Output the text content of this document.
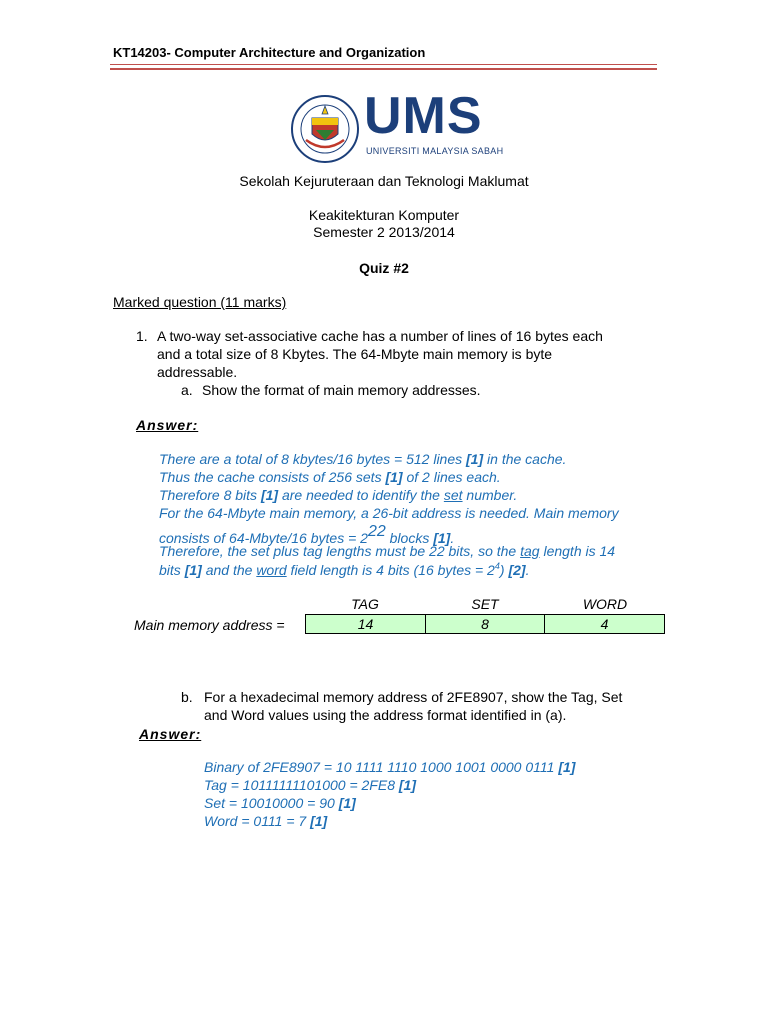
KT14203- Computer Architecture and Organization
UMS
UNIVERSITI MALAYSIA SABAH
Sekolah Kejuruteraan dan Teknologi Maklumat
Keakitekturan Komputer
Semester 2 2013/2014
Quiz #2
Marked question (11 marks)
1. A two-way set-associative cache has a number of lines of 16 bytes each
and a total size of 8 Kbytes. The 64-Mbyte main memory is byte
addressable.
a. Show the format of main memory addresses.
Answer:
There are a total of 8 kbytes/16 bytes = 512 lines [1] in the cache.
Thus the cache consists of 256 sets [1] of 2 lines each.
Therefore 8 bits [1] are needed to identify the set number.
For the 64-Mbyte main memory, a 26-bit address is needed. Main memory
consists of 64-Mbyte/16 bytes = $2^{22}$ blocks [1].
Therefore, the set plus tag lengths must be 22 bits, so the tag length is 14
bits [1] and the word field length is 4 bits (16 bytes = $2^4$) [2].
TAG	SET	WORD
Main memory address =	14	8	4
b. For a hexadecimal memory address of 2FE8907, show the Tag, Set
and Word values using the address format identified in (a).
Answer:
Binary of 2FE8907 = 10 1111 1110 1000 1001 0000 0111 [1]
Tag = 10111111101000 = 2FE8 [1]
Set = 10010000 = 90 [1]
Word = 0111 = 7 [1]
